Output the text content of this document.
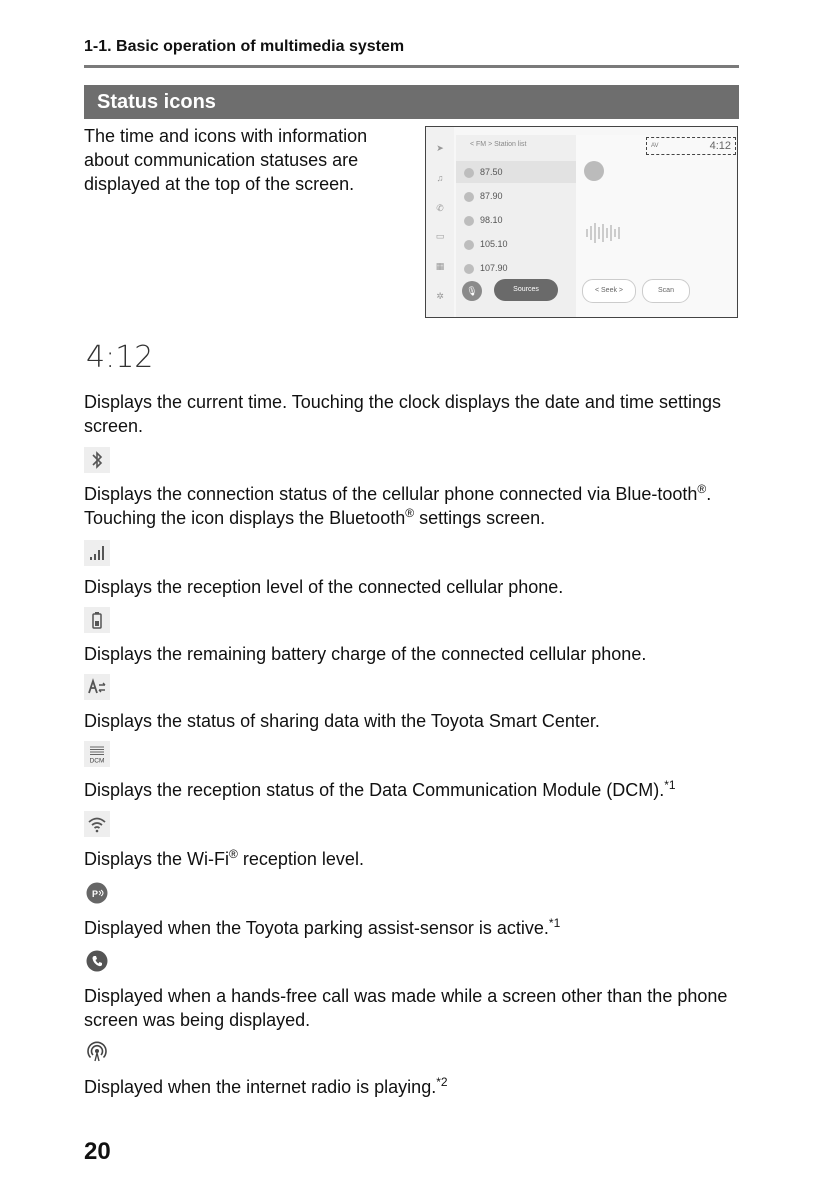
1-1. Basic operation of multimedia system
Status icons
The time and icons with information about communication statuses are displayed at the top of the screen.
➤
♫
✆
▭
▦
✲
< FM > Station list
87.50
87.90
98.10
105.10
107.90
🎙	Sources	< Seek >	Scan
AV	4:12
4:12
Displays the current time. Touching the clock displays the date and time settings screen.
Displays the connection status of the cellular phone connected via Blue-tooth®. Touching the icon displays the Bluetooth® settings screen.
Displays the reception level of the connected cellular phone.
Displays the remaining battery charge of the connected cellular phone.
Displays the status of sharing data with the Toyota Smart Center.
DCM
Displays the reception status of the Data Communication Module (DCM).$^{*1}$
Displays the Wi-Fi® reception level.
P
Displayed when the Toyota parking assist-sensor is active.$^{*1}$
Displayed when a hands-free call was made while a screen other than the phone screen was being displayed.
Displayed when the internet radio is playing.$^{*2}$
20
